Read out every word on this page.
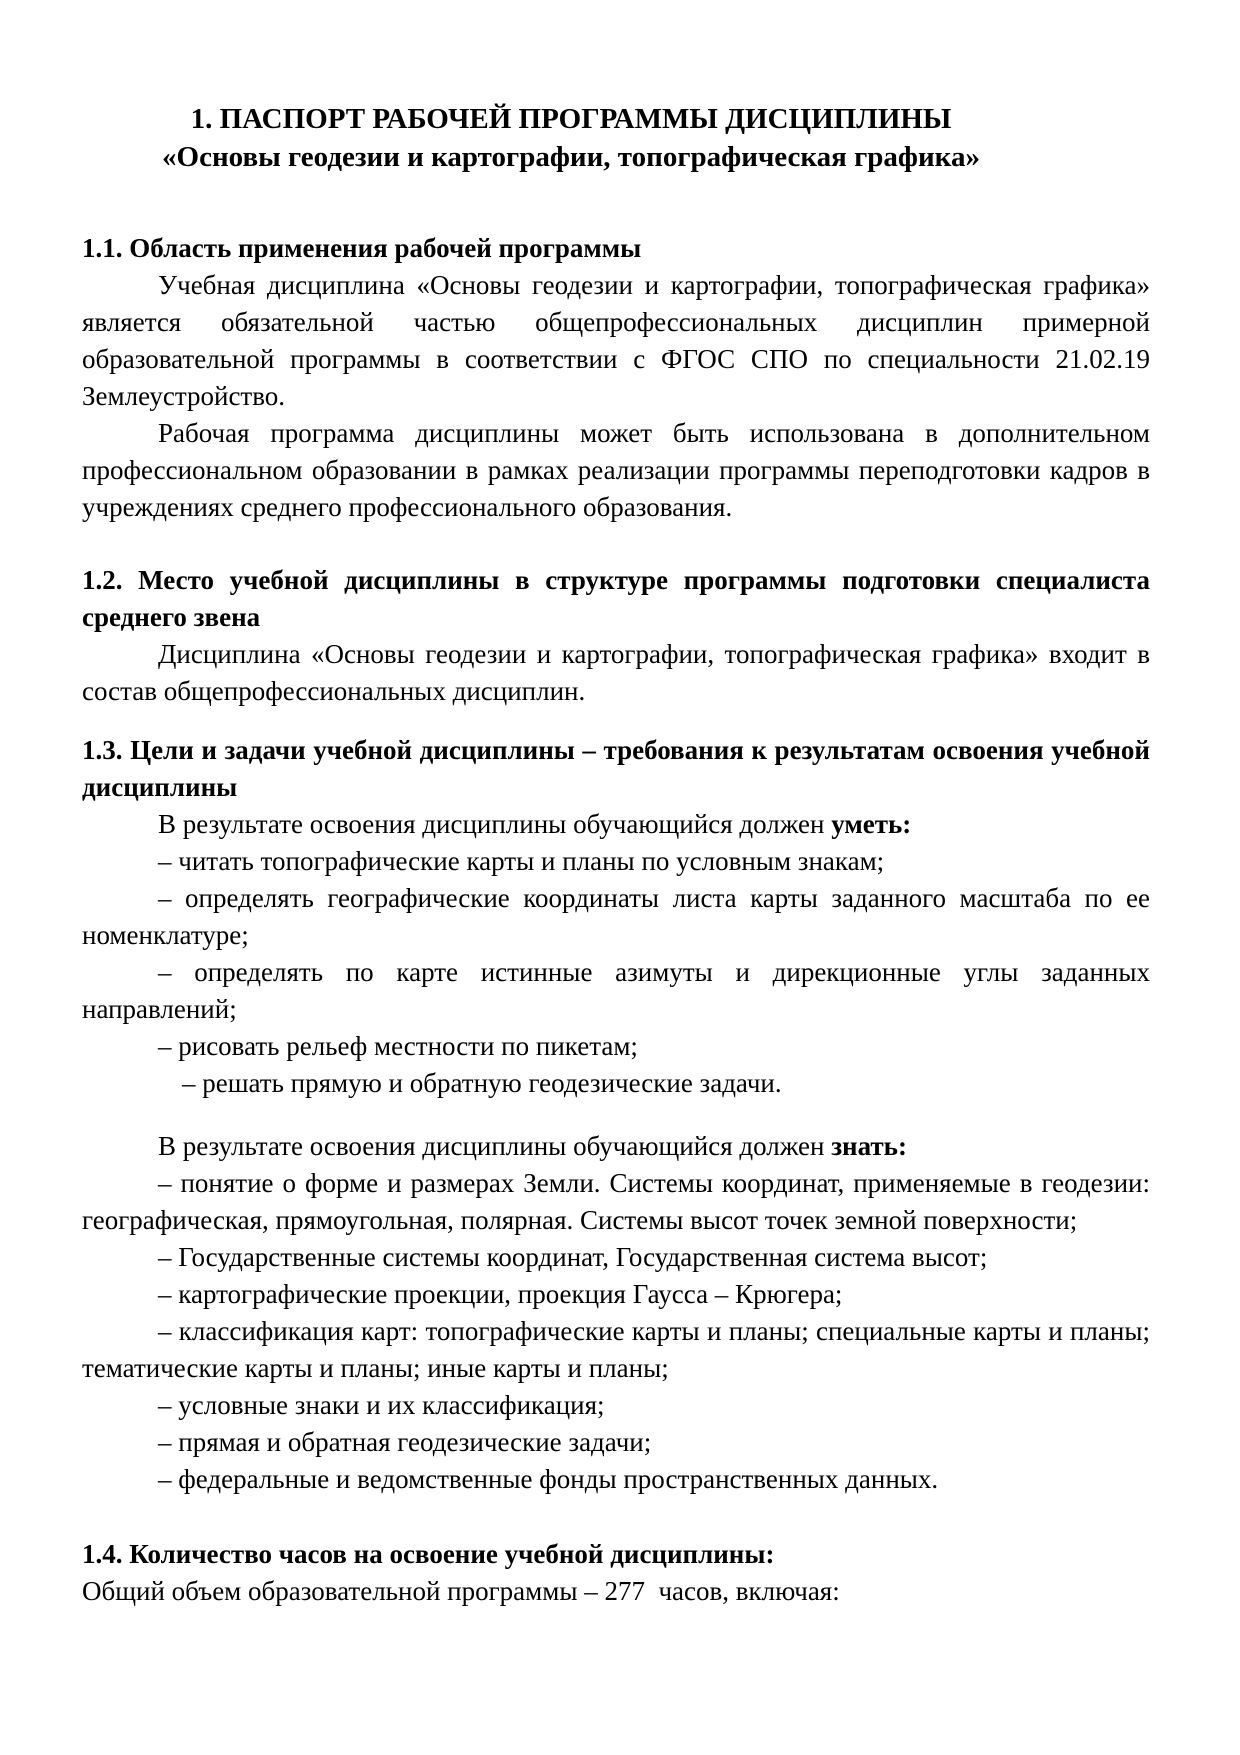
1. ПАСПОРТ РАБОЧЕЙ ПРОГРАММЫ ДИСЦИПЛИНЫ
«Основы геодезии и картографии, топографическая графика»

1.1. Область применения рабочей программы

Учебная дисциплина «Основы геодезии и картографии, топографическая графика» является обязательной частью общепрофессиональных дисциплин примерной образовательной программы в соответствии с ФГОС СПО по специальности 21.02.19 Землеустройство.

Рабочая программа дисциплины может быть использована в дополнительном профессиональном образовании в рамках реализации программы переподготовки кадров в учреждениях среднего профессионального образования.

1.2. Место учебной дисциплины в структуре программы подготовки специалиста среднего звена

Дисциплина «Основы геодезии и картографии, топографическая графика» входит в состав общепрофессиональных дисциплин.

1.3. Цели и задачи учебной дисциплины – требования к результатам освоения учебной дисциплины

В результате освоения дисциплины обучающийся должен уметь:

– читать топографические карты и планы по условным знакам;

– определять географические координаты листа карты заданного масштаба по ее номенклатуре;

– определять по карте истинные азимуты и дирекционные углы заданных направлений;

– рисовать рельеф местности по пикетам;

– решать прямую и обратную геодезические задачи.

В результате освоения дисциплины обучающийся должен знать:

– понятие о форме и размерах Земли. Системы координат, применяемые в геодезии: географическая, прямоугольная, полярная. Системы высот точек земной поверхности;

– Государственные системы координат, Государственная система высот;

– картографические проекции, проекция Гаусса – Крюгера;

– классификация карт: топографические карты и планы; специальные карты и планы; тематические карты и планы; иные карты и планы;

– условные знаки и их классификация;

– прямая и обратная геодезические задачи;

– федеральные и ведомственные фонды пространственных данных.

1.4. Количество часов на освоение учебной дисциплины:

Общий объем образовательной программы – 277  часов, включая:
